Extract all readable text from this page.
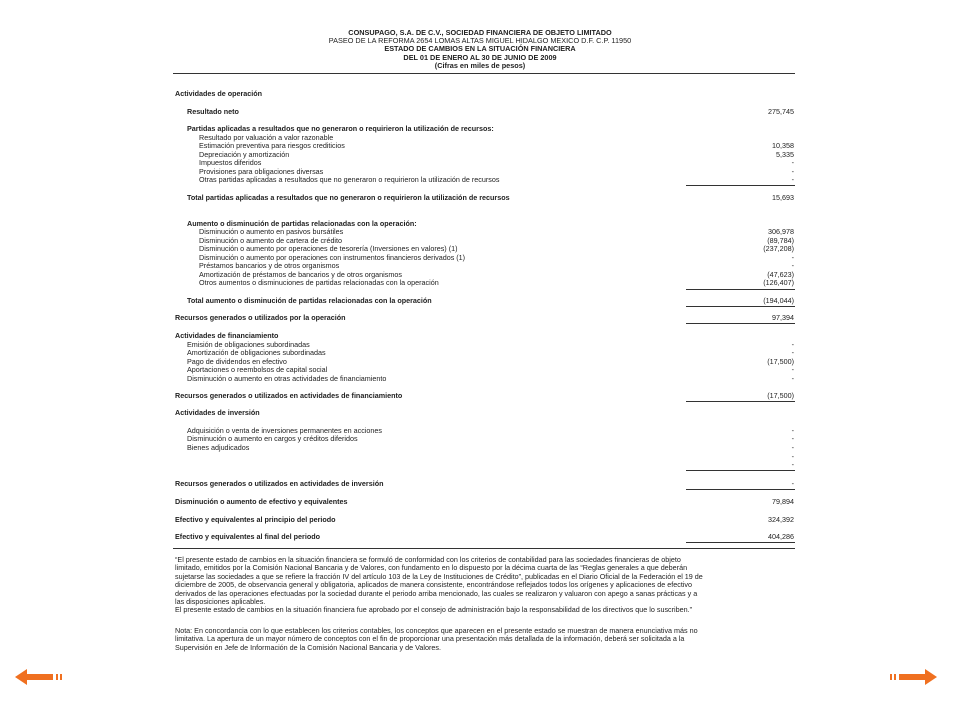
CONSUPAGO, S.A. DE C.V., SOCIEDAD FINANCIERA DE OBJETO LIMITADO
PASEO DE LA REFORMA 2654 LOMAS ALTAS MIGUEL HIDALGO MEXICO D.F. C.P. 11950
ESTADO DE CAMBIOS EN LA SITUACIÓN FINANCIERA
DEL 01 DE ENERO AL 30 DE JUNIO DE 2009
(Cifras en miles de pesos)
Actividades de operación
Resultado neto	275,745
Partidas aplicadas a resultados que no generaron o requirieron la utilización de recursos:
Resultado por valuación a valor razonable
Estimación preventiva para riesgos crediticios	10,358
Depreciación y amortización	5,335
Impuestos diferidos	-
Provisiones para obligaciones diversas	-
Otras partidas aplicadas a resultados que no generaron o requirieron la utilización de recursos	-
Total partidas aplicadas a resultados que no generaron o requirieron la utilización de recursos	15,693
Aumento o disminución de partidas relacionadas con la operación:
Disminución o aumento en pasivos bursátiles	306,978
Disminución o aumento de cartera de crédito	(89,784)
Disminución o aumento por operaciones de tesorería (Inversiones en valores) (1)	(237,208)
Disminución o aumento por operaciones con instrumentos financieros derivados (1)	-
Préstamos bancarios y de otros organismos	-
Amortización de préstamos de bancarios y de otros organismos	(47,623)
Otros aumentos o disminuciones de partidas relacionadas con la operación	(126,407)
Total aumento o disminución de partidas relacionadas con la operación	(194,044)
Recursos generados o utilizados por la operación	97,394
Actividades de financiamiento
Emisión de obligaciones subordinadas	-
Amortización de obligaciones subordinadas	-
Pago de dividendos en efectivo	(17,500)
Aportaciones o reembolsos de capital social	-
Disminución o aumento en otras actividades de financiamiento	-
Recursos generados o utilizados en actividades de financiamiento	(17,500)
Actividades de inversión
Adquisición o venta de inversiones permanentes en acciones	-
Disminución o aumento en cargos y créditos diferidos	-
Bienes adjudicados	-
-
-
Recursos generados o utilizados en actividades de inversión	-
Disminución o aumento de efectivo y equivalentes	79,894
Efectivo y equivalentes al principio del periodo	324,392
Efectivo y equivalentes al final del periodo	404,286
“El presente estado de cambios en la situación financiera se formuló de conformidad con los criterios de contabilidad para las sociedades financieras de objeto
limitado, emitidos por la Comisión Nacional Bancaria y de Valores, con fundamento en lo dispuesto por la décima cuarta de las “Reglas generales a que deberán
sujetarse las sociedades a que se refiere la fracción IV del artículo 103 de la Ley de Instituciones de Crédito”, publicadas en el Diario Oficial de la Federación el 19 de
diciembre de 2005, de observancia general y obligatoria, aplicados de manera consistente, encontrándose reflejados todos los orígenes y aplicaciones de efectivo
derivados de las operaciones efectuadas por la sociedad durante el periodo arriba mencionado, las cuales se realizaron y valuaron con apego a sanas prácticas y a
las disposiciones aplicables.
El presente estado de cambios en la situación financiera fue aprobado por el consejo de administración bajo la responsabilidad de los directivos que lo suscriben.”
Nota: En concordancia con lo que establecen los criterios contables, los conceptos que aparecen en el presente estado se muestran de manera enunciativa más no
limitativa. La apertura de un mayor número de conceptos con el fin de proporcionar una presentación más detallada de la información, deberá ser solicitada a la
Supervisión en Jefe de Información de la Comisión Nacional Bancaria y de Valores.
